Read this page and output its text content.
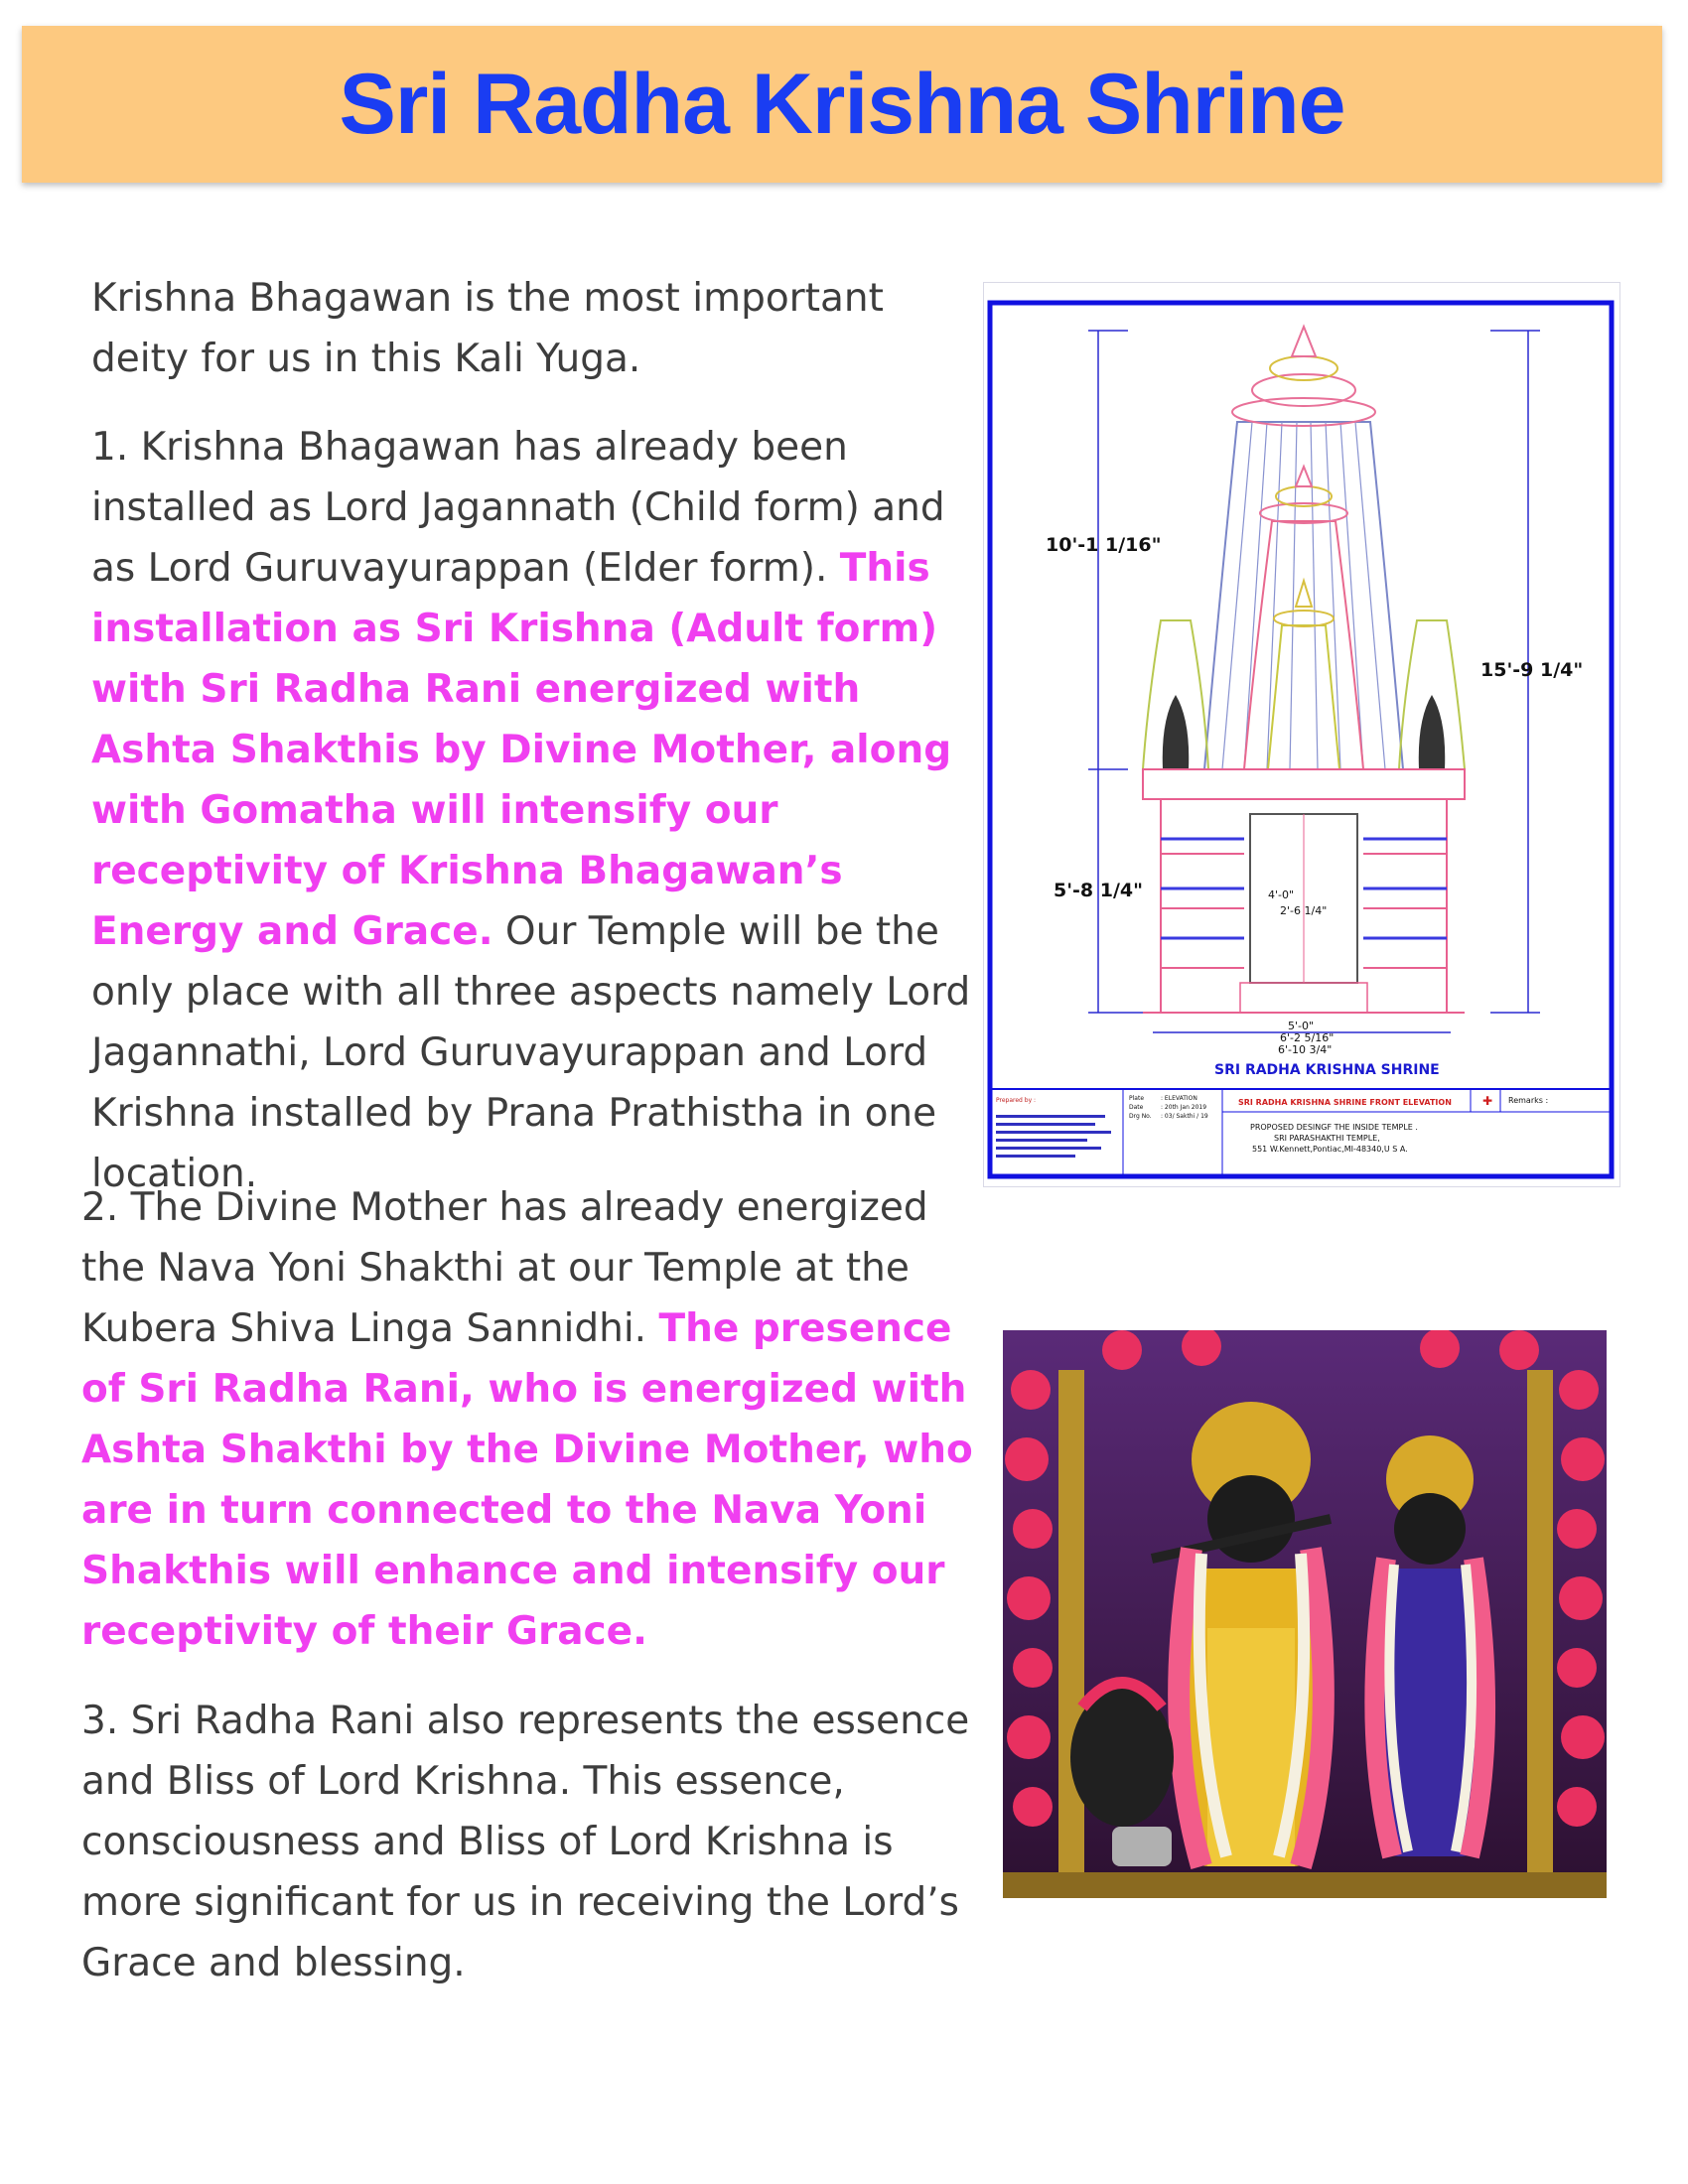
Sri Radha Krishna Shrine

Krishna Bhagawan is the most important deity for us in this Kali Yuga.

1. Krishna Bhagawan has already been installed as Lord Jagannath (Child form) and as Lord Guruvayurappan (Elder form). This installation as Sri Krishna (Adult form) with Sri Radha Rani energized with Ashta Shakthis by Divine Mother, along with Gomatha will intensify our receptivity of Krishna Bhagawan’s Energy and Grace. Our Temple will be the only place with all three aspects namely Lord Jagannathi, Lord Guruvayurappan and Lord Krishna installed by Prana Prathistha in one location.

2. The Divine Mother has already energized the Nava Yoni Shakthi at our Temple at the Kubera Shiva Linga Sannidhi. The presence of Sri Radha Rani, who is energized with Ashta Shakthi by the Divine Mother, who are in turn connected to the Nava Yoni Shakthis will enhance and intensify our receptivity of their Grace.

3. Sri Radha Rani also represents the essence and Bliss of Lord Krishna. This essence, consciousness and Bliss of Lord Krishna is more significant for us in receiving the Lord’s Grace and blessing.

10'-1 1/16"
5'-8 1/4"
15'-9 1/4"
4'-0"
2'-6 1/4"
5'-0"
6'-2 5/16"
6'-10 3/4"
SRI RADHA KRISHNA SHRINE
Prepared by :	Plate	: ELEVATION
Date	: 20th Jan 2019
Drg No. : 03/ Sakthi / 19
SRI RADHA KRISHNA SHRINE FRONT ELEVATION	✚ Remarks :
PROPOSED DESINGF THE INSIDE TEMPLE .
SRI PARASHAKTHI TEMPLE,
551 W.Kennett,Pontiac,MI-48340,U S A.
